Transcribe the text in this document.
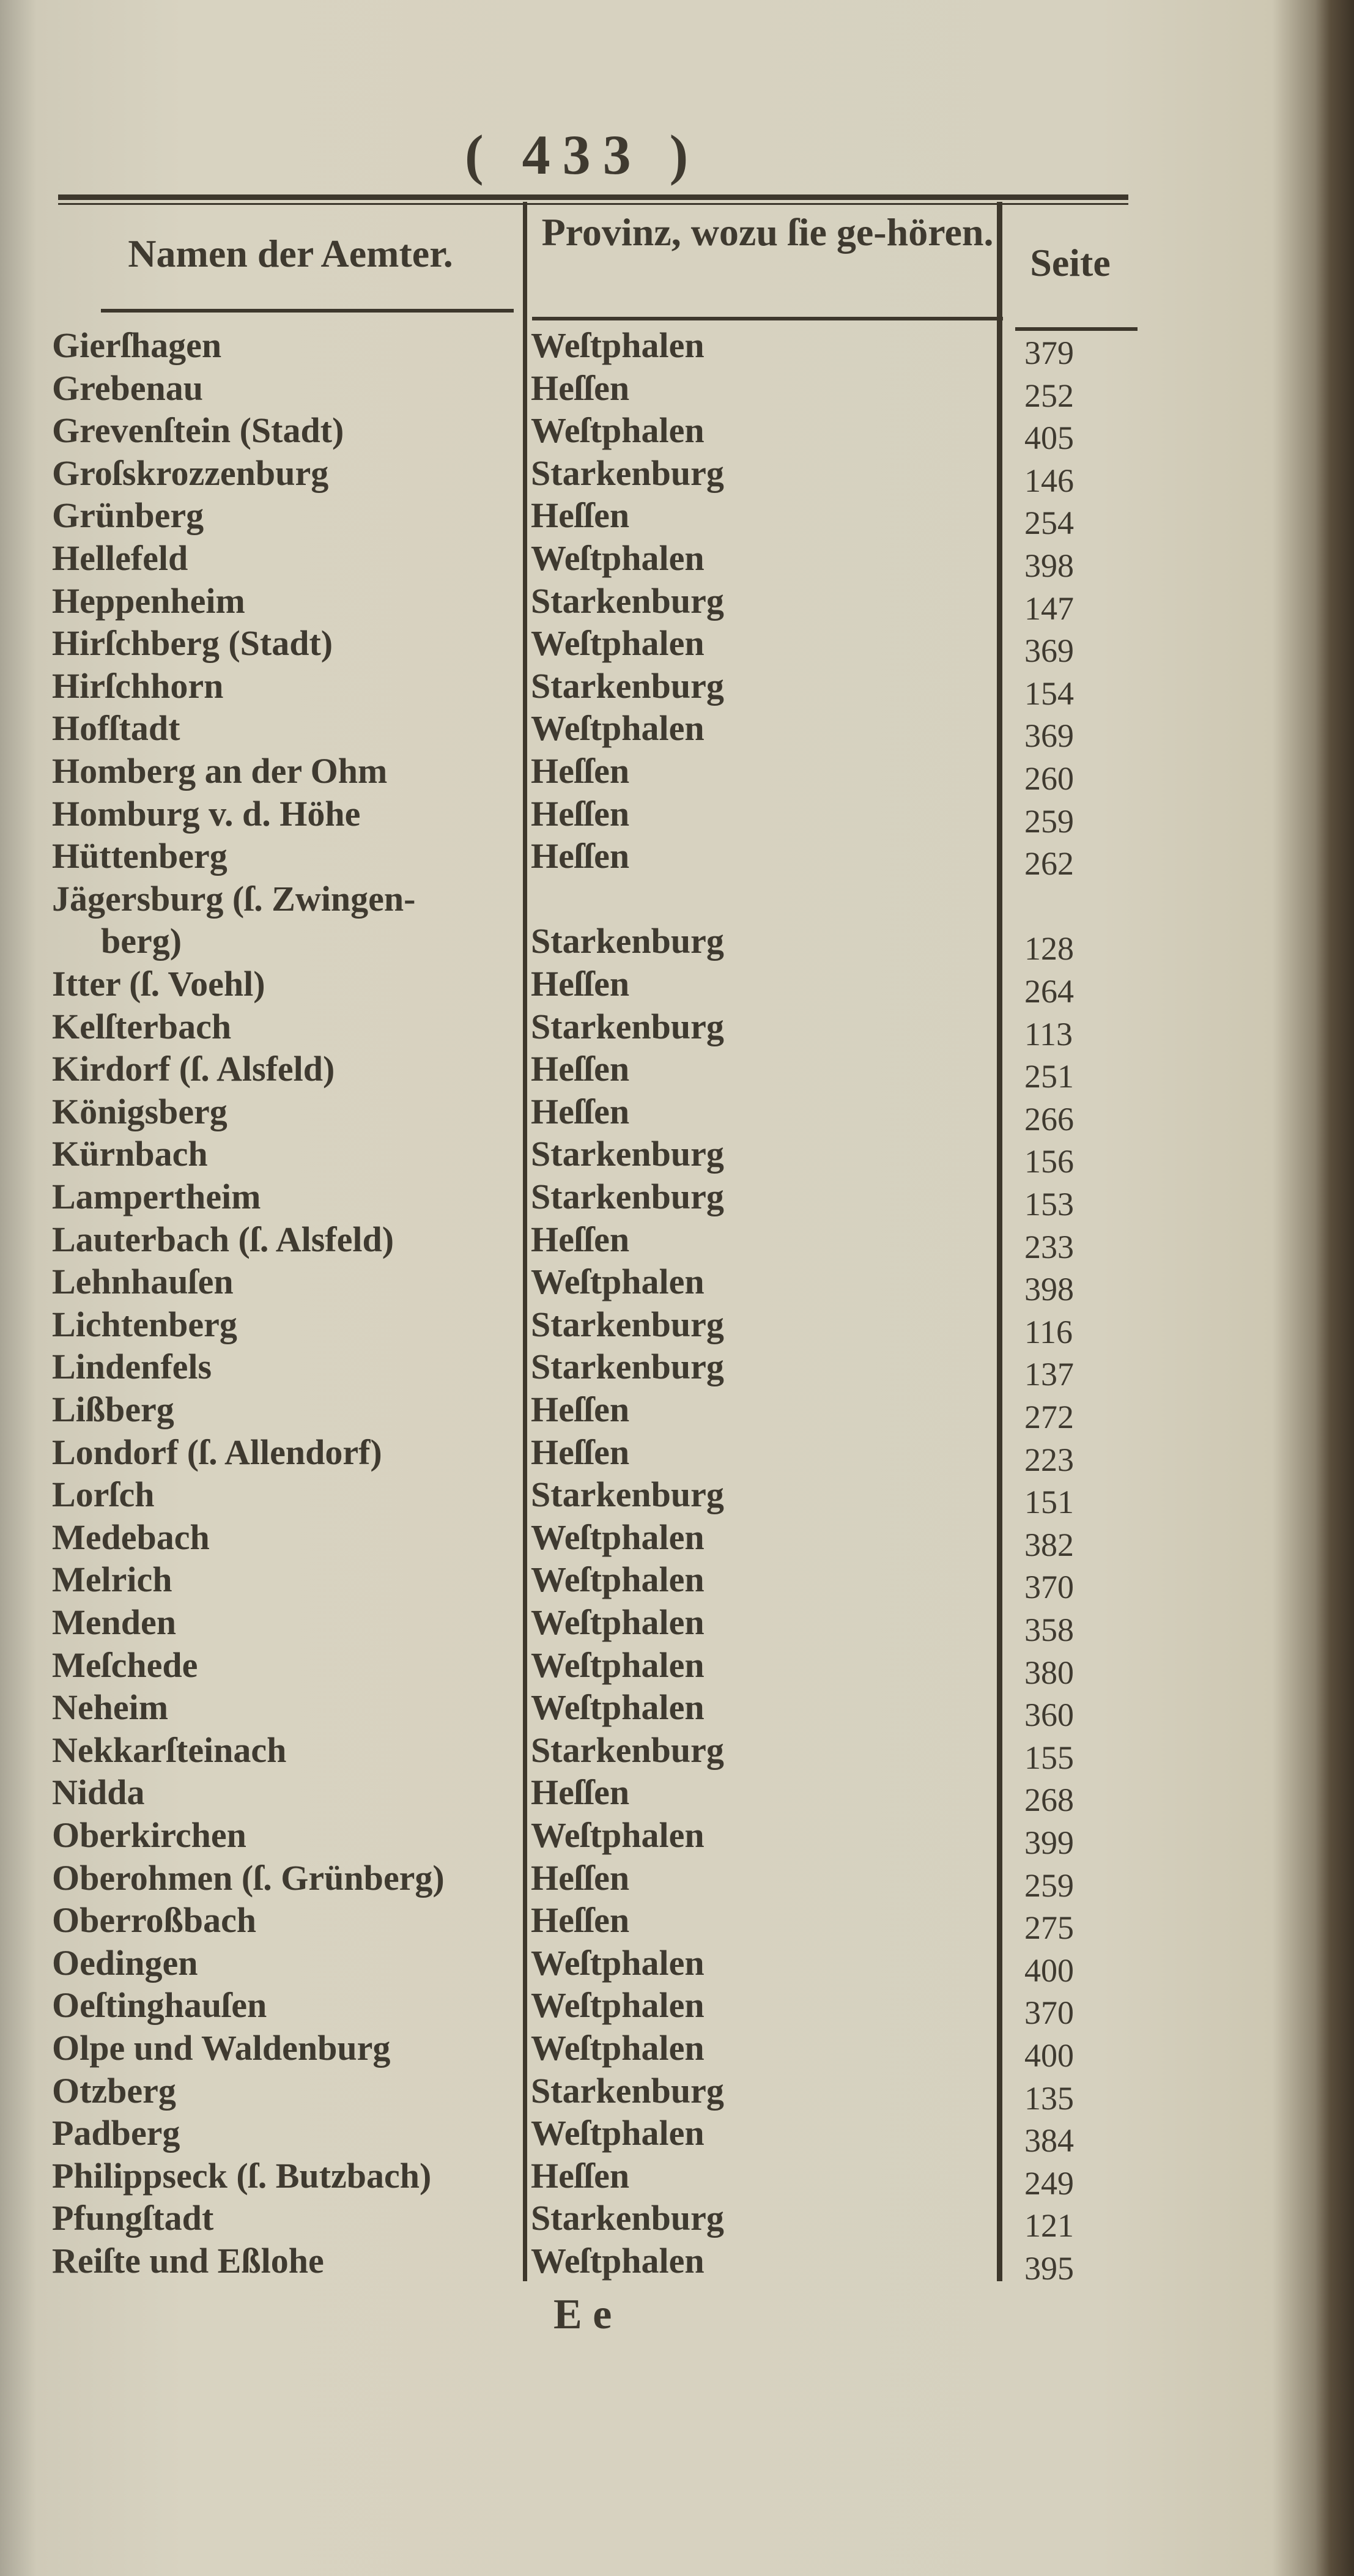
( 433 )
Namen der Aemter.	Provinz, wozu ſie ge-hören.
Seite
Gierſhagen	Weſtphalen	379
Grebenau	Heſſen	252
Grevenſtein (Stadt)	Weſtphalen	405
Groſskrozzenburg	Starkenburg	146
Grünberg	Heſſen	254
Hellefeld	Weſtphalen	398
Heppenheim	Starkenburg	147
Hirſchberg (Stadt)	Weſtphalen	369
Hirſchhorn	Starkenburg	154
Hofſtadt	Weſtphalen	369
Homberg an der Ohm	Heſſen	260
Homburg v. d. Höhe	Heſſen	259
Hüttenberg	Heſſen	262
Jägersburg (ſ. Zwingen-
berg)	Starkenburg	128
Itter (ſ. Voehl)	Heſſen	264
Kelſterbach	Starkenburg	113
Kirdorf (ſ. Alsfeld)	Heſſen	251
Königsberg	Heſſen	266
Kürnbach	Starkenburg	156
Lampertheim	Starkenburg	153
Lauterbach (ſ. Alsfeld)	Heſſen	233
Lehnhauſen	Weſtphalen	398
Lichtenberg	Starkenburg	116
Lindenfels	Starkenburg	137
Lißberg	Heſſen	272
Londorf (ſ. Allendorf)	Heſſen	223
Lorſch	Starkenburg	151
Medebach	Weſtphalen	382
Melrich	Weſtphalen	370
Menden	Weſtphalen	358
Meſchede	Weſtphalen	380
Neheim	Weſtphalen	360
Nekkarſteinach	Starkenburg	155
Nidda	Heſſen	268
Oberkirchen	Weſtphalen	399
Oberohmen (ſ. Grünberg) Heſſen	259
Oberroßbach	Heſſen	275
Oedingen	Weſtphalen	400
Oeſtinghauſen	Weſtphalen	370
Olpe und Waldenburg	Weſtphalen	400
Otzberg	Starkenburg	135
Padberg	Weſtphalen	384
Philippseck (ſ. Butzbach)	Heſſen	249
Pfungſtadt	Starkenburg	121
Reiſte und Eßlohe	Weſtphalen	395
E e
